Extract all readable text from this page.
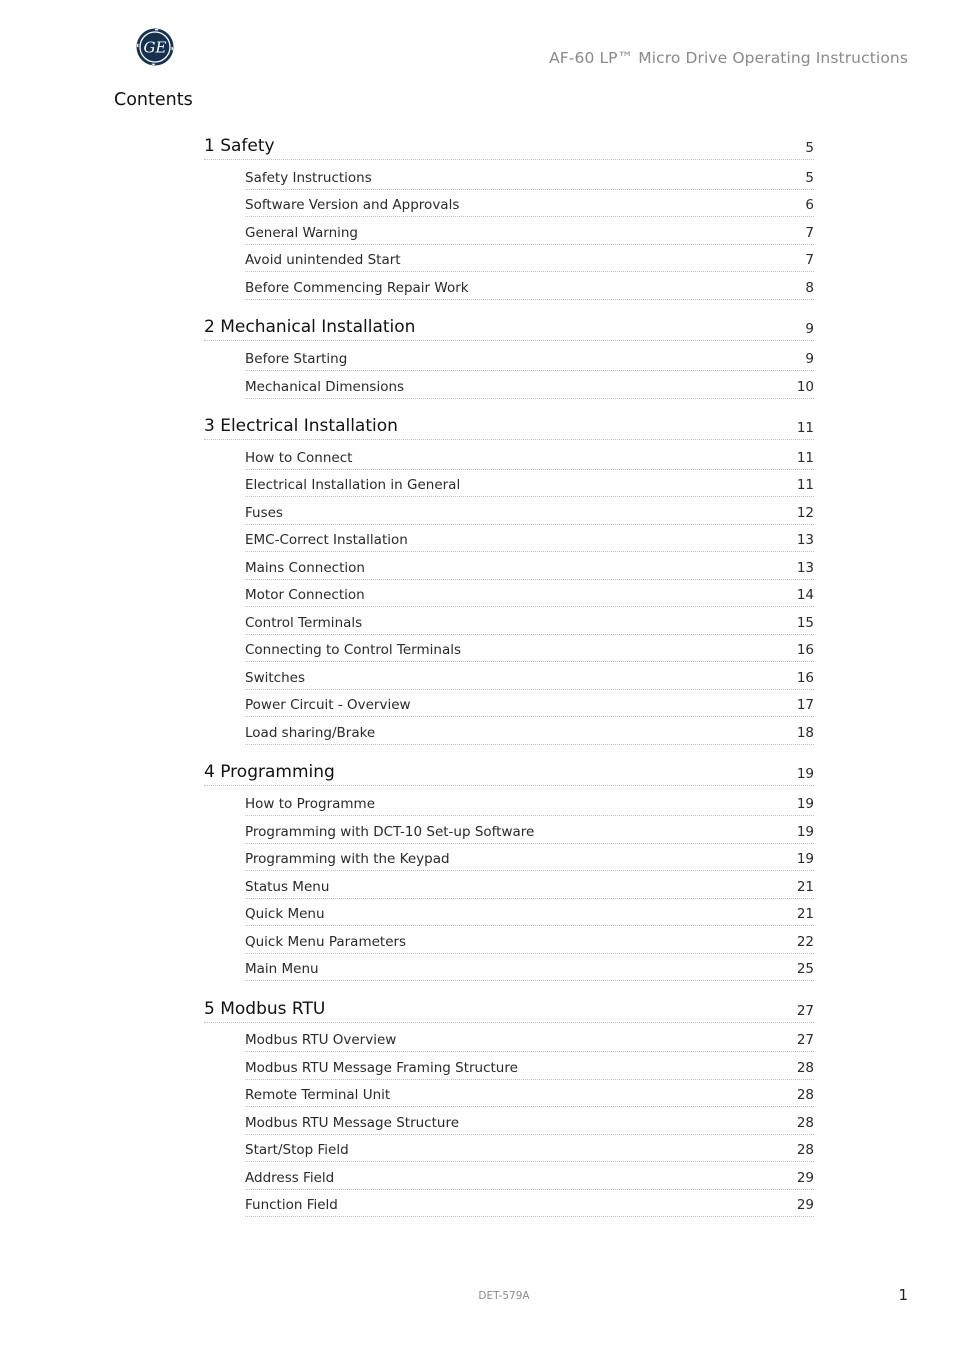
GE
AF-60 LP™ Micro Drive Operating Instructions
Contents
1 Safety	5
Safety Instructions	5
Software Version and Approvals	6
General Warning	7
Avoid unintended Start	7
Before Commencing Repair Work	8
2 Mechanical Installation	9
Before Starting	9
Mechanical Dimensions	10
3 Electrical Installation	11
How to Connect	11
Electrical Installation in General	11
Fuses	12
EMC-Correct Installation	13
Mains Connection	13
Motor Connection	14
Control Terminals	15
Connecting to Control Terminals	16
Switches	16
Power Circuit - Overview	17
Load sharing/Brake	18
4 Programming	19
How to Programme	19
Programming with DCT-10 Set-up Software	19
Programming with the Keypad	19
Status Menu	21
Quick Menu	21
Quick Menu Parameters	22
Main Menu	25
5 Modbus RTU	27
Modbus RTU Overview	27
Modbus RTU Message Framing Structure	28
Remote Terminal Unit	28
Modbus RTU Message Structure	28
Start/Stop Field	28
Address Field	29
Function Field	29
DET-579A	1
